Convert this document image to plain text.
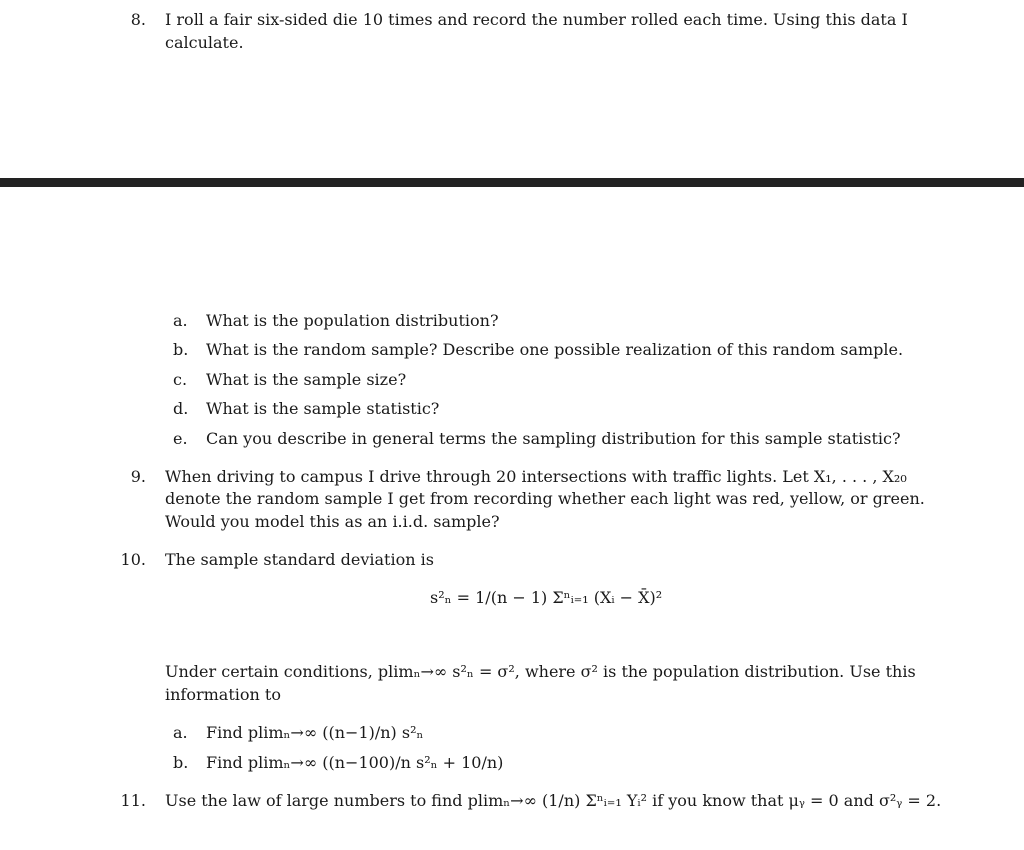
8. I roll a fair six-sided die 10 times and record the number rolled each time. Using this data I
calculate.
a.	What is the population distribution?
b. What is the random sample? Describe one possible realization of this random sample.
c.	What is the sample size?
d. What is the sample statistic?
e.	Can you describe in general terms the sampling distribution for this sample statistic?
9. When driving to campus I drive through 20 intersections with traffic lights. Let X₁, . . . , X₂₀
denote the random sample I get from recording whether each light was red, yellow, or green.
Would you model this as an i.i.d. sample?
10. The sample standard deviation is
s²ₙ = 1/(n − 1) Σⁿᵢ₌₁ (Xᵢ − X̄)²
Under certain conditions, plimₙ→∞ s²ₙ = σ², where σ² is the population distribution. Use this
information to
a.	Find plimₙ→∞ ((n−1)/n) s²ₙ
b. Find plimₙ→∞ ((n−100)/n s²ₙ + 10/n)
11. Use the law of large numbers to find plimₙ→∞ (1/n) Σⁿᵢ₌₁ Yᵢ² if you know that μᵧ = 0 and σ²ᵧ = 2.
